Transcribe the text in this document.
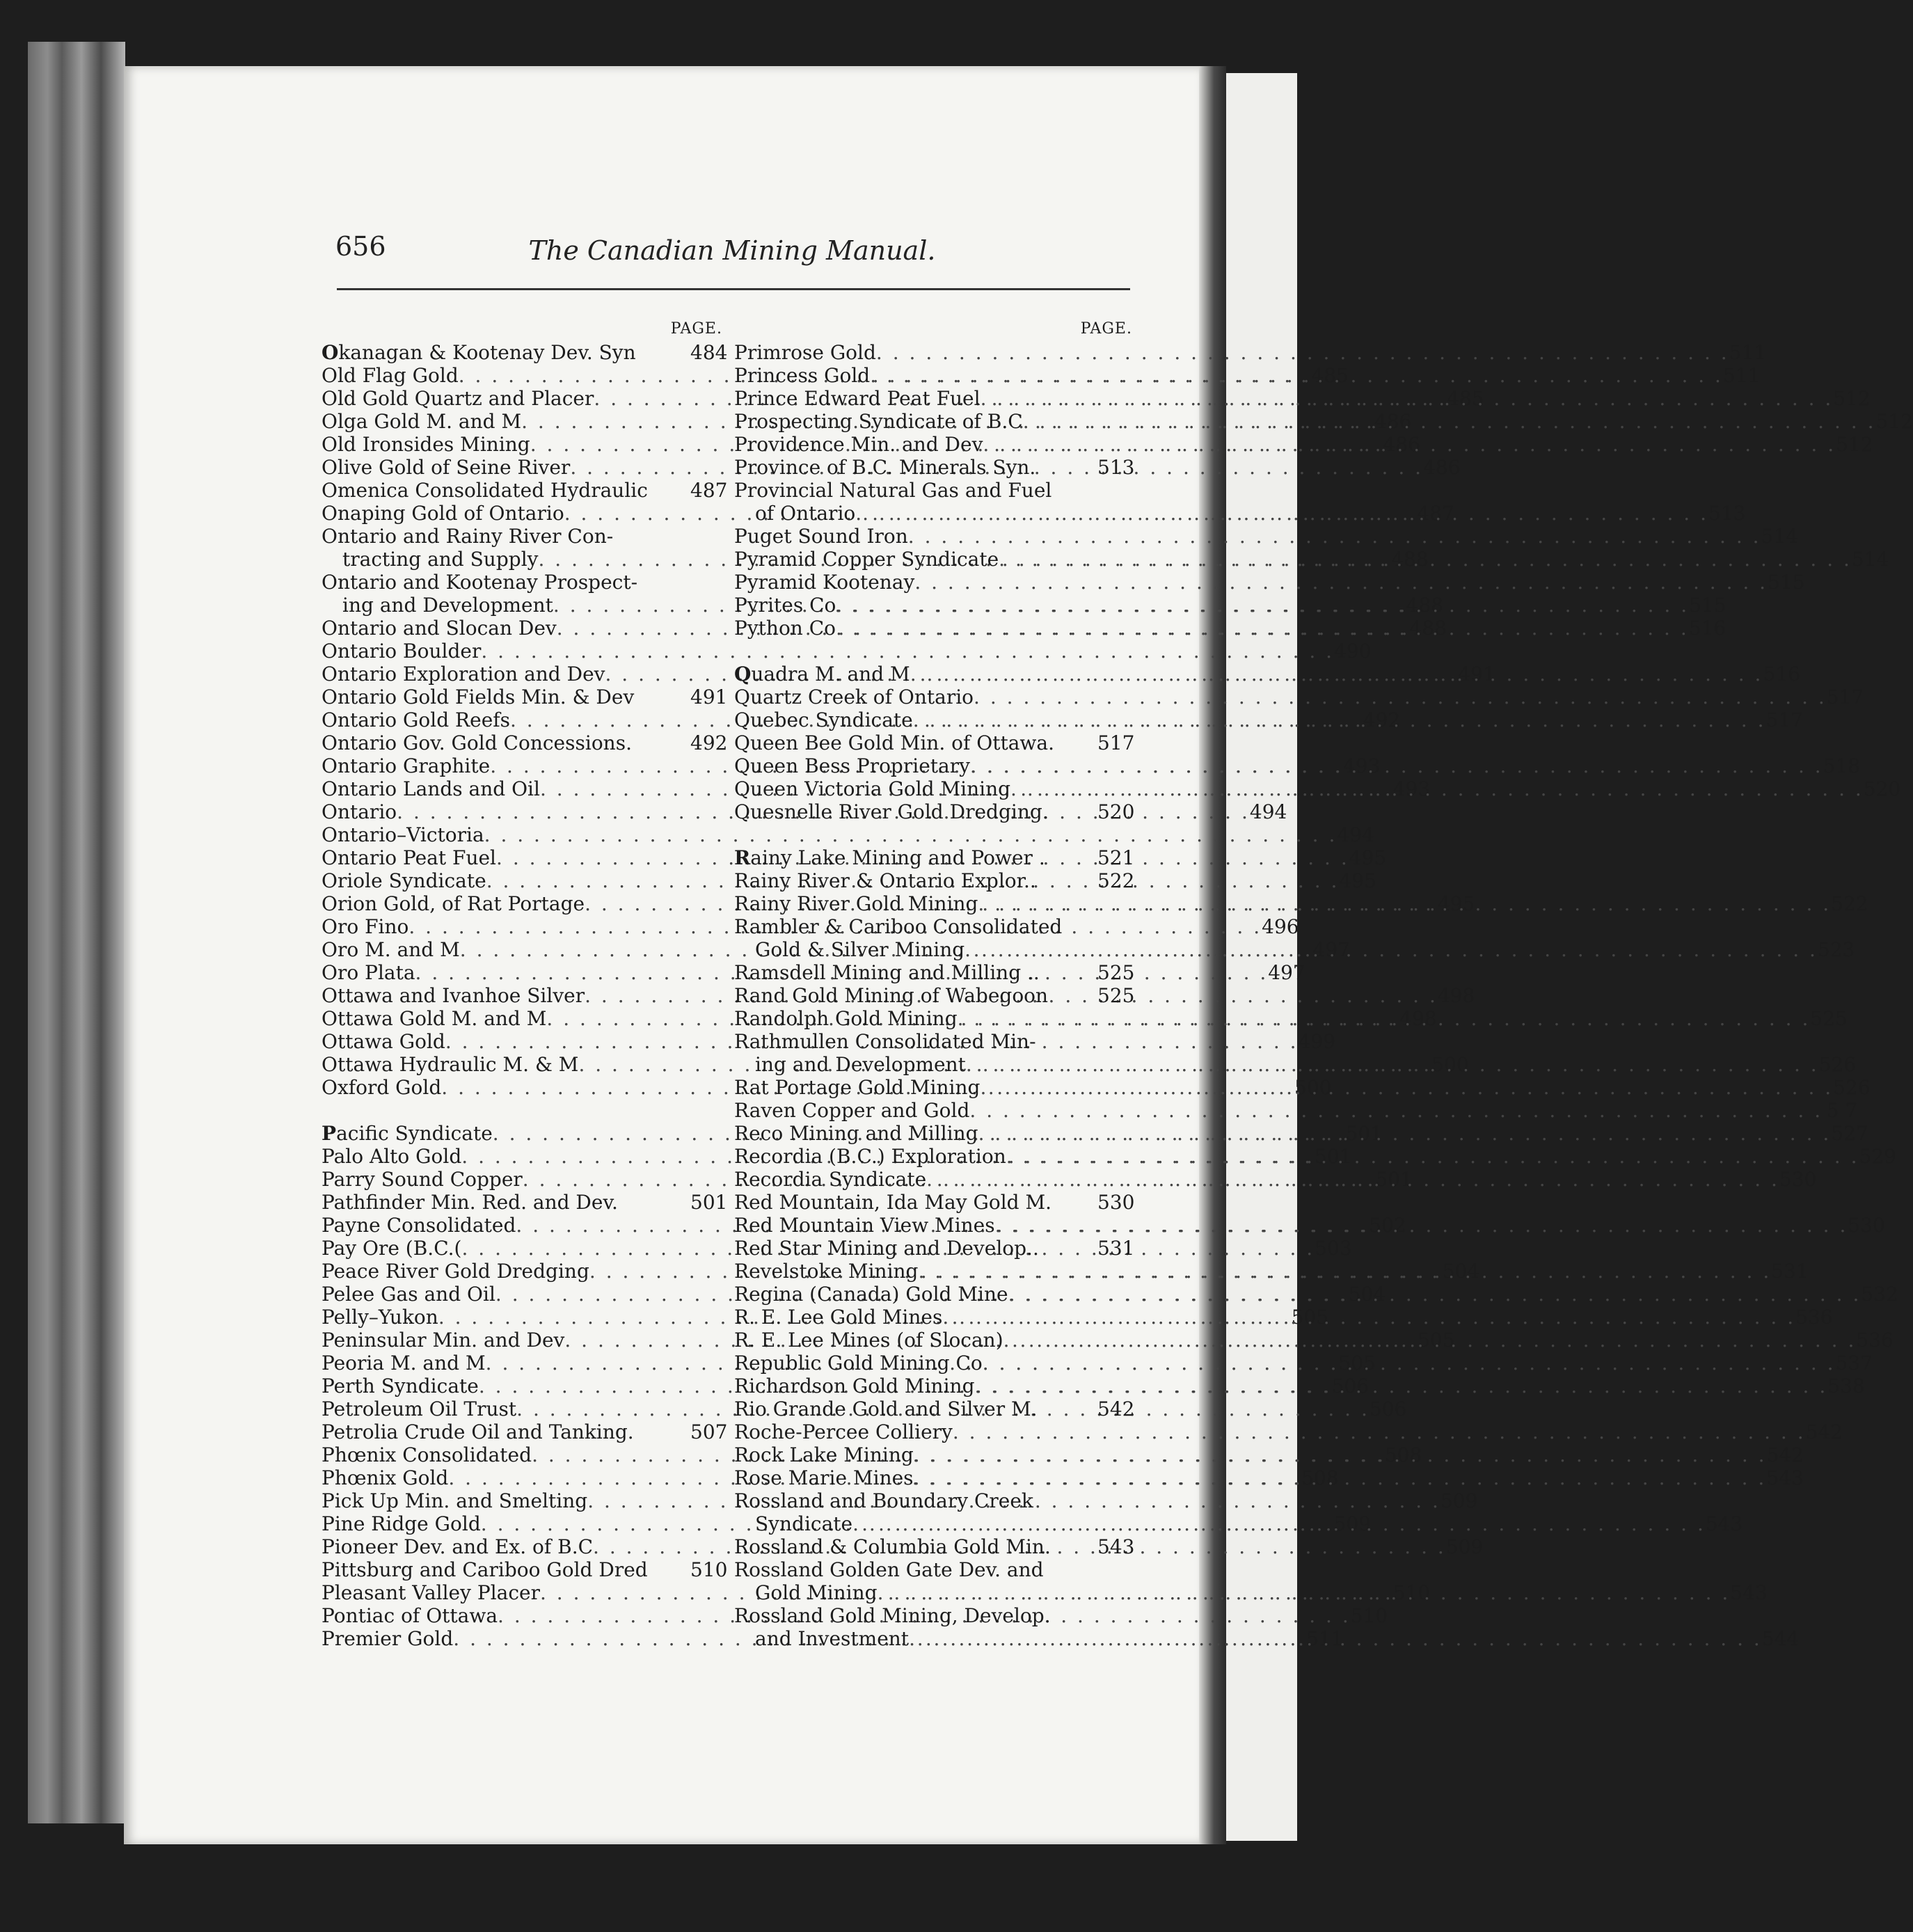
656	The Canadian Mining Manual.
PAGE.
Okanagan & Kootenay Dev. Syn	484
Old Flag Gold . . .	485
Old Gold Quartz and Placer . . .	485
Olga Gold M. and M . . .	486
Old Ironsides Mining . . .	486
Olive Gold of Seine River . . .	486
Omenica Consolidated Hydraulic 487
Onaping Gold of Ontario . . .	487
Ontario and Rainy River Con-
tracting and Supply . . .	488
Ontario and Kootenay Prospect-
ing and Development . . .	488
Ontario and Slocan Dev . . .	488
Ontario Boulder . . .	490
Ontario Exploration and Dev . . .	491
Ontario Gold Fields Min. & Dev	491
Ontario Gold Reefs . . .	492
Ontario Gov. Gold Concessions.	492
Ontario Graphite . . .	493
Ontario Lands and Oil . . .	493
Ontario . . .	494
Ontario–Victoria . . .	494
Ontario Peat Fuel . . .	495
Oriole Syndicate . . .	495
Orion Gold, of Rat Portage . . .	495
Oro Fino . . .	496
Oro M. and M . . .	497
Oro Plata . . .	497
Ottawa and Ivanhoe Silver . . .	498
Ottawa Gold M. and M . . .	498
Ottawa Gold . . .	499
Ottawa Hydraulic M. & M . . .	500
Oxford Gold . . .	500
Pacific Syndicate . . .	501
Palo Alto Gold . . .	501
Parry Sound Copper . . .	501
Pathfinder Min. Red. and Dev.	501
Payne Consolidated . . .	502
Pay Ore (B.C.( . . .	503
Peace River Gold Dredging . . .	504
Pelee Gas and Oil . . .	504
Pelly–Yukon . . .	505
Peninsular Min. and Dev . . .	505
Peoria M. and M . . .	505
Perth Syndicate . . .	506
Petroleum Oil Trust . . .	506
Petrolia Crude Oil and Tanking.	507
Phœnix Consolidated . . .	508
Phœnix Gold . . .	508
Pick Up Min. and Smelting . . .	509
Pine Ridge Gold . . .	509
Pioneer Dev. and Ex. of B.C . . .	509
Pittsburg and Cariboo Gold Dred 510
Pleasant Valley Placer . . .	510
Pontiac of Ottawa . . .	510
Premier Gold . . .	511
PAGE.
Primrose Gold . . .	511
Princess Gold . . .	511
Prince Edward Peat Fuel . . .	512
Prospecting Syndicate of B.C . . .	512
Providence Min. and Dev . . .	512
Province of B.C. Minerals Syn.	513
Provincial Natural Gas and Fuel
of Ontario . . .	513
Puget Sound Iron . . .	514
Pyramid Copper Syndicate . . .	514
Pyramid Kootenay . . .	515
Pyrites Co . . .	515
Python Co . . .	516
Quadra M. and M . . .	516
Quartz Creek of Ontario . . .	517
Quebec Syndicate . . .	517
Queen Bee Gold Min. of Ottawa. 517
Queen Bess Proprietary . . .	518
Queen Victoria Gold Mining . . .	520
Quesnelle River Gold Dredging.	520
Rainy Lake Mining and Power .	521
Rainy River & Ontario Explor..	522
Rainy River Gold Mining . . .	522
Rambler & Cariboo Consolidated
Gold & Silver Mining . . .	523
Ramsdell Mining and Milling ..	525
Rand Gold Mining of Wabegoon	525
Randolph Gold Mining . . .	525
Rathmullen Consolidated Min-
ing and Development . . .	526
Rat Portage Gold Mining . . .	526
Raven Copper and Gold . . .	5 7
Reco Mining and Milling . . .	527
Recordia (B.C.) Exploration . . .	529
Recordia Syndicate . . .	530
Red Mountain, Ida May Gold M. 530
Red Mountain View Mines . . .	530
Red Star Mining and Develop..	531
Revelstoke Mining . . .	531
Regina (Canada) Gold Mine . . .	532
R. E. Lee Gold Mines . . .	536
R. E. Lee Mines (of Slocan) . . .	536
Republic Gold Mining Co . . .	537
Richardson Gold Mining . . .	538
Rio Grande Gold and Silver M.	542
Roche-Percee Colliery . . .	542
Rock Lake Mining . . .	542
Rose Marie Mines . . .	543
Rossland and Boundary Creek
Syndicate . . .	543
Rossland & Columbia Gold Min. 543
Rossland Golden Gate Dev. and
Gold Mining . . .	543
Rossland Gold Mining, Develop.
and Investment . . .	544
